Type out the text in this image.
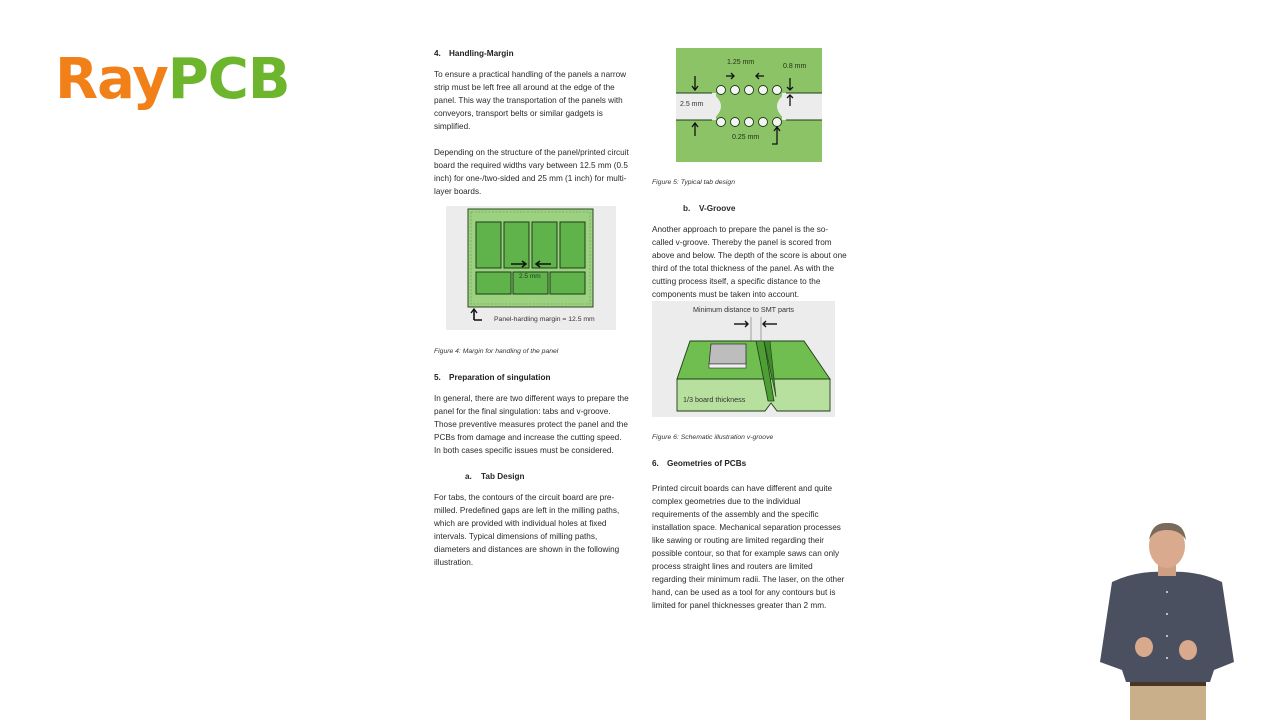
RayPCB	4. Handling-Margin

To ensure a practical handling of the panels a narrow strip must be left free all around at the edge of the panel. This way the transportation of the panels with conveyors, transport belts or similar gadgets is simplified.

Depending on the structure of the panel/printed circuit board the required widths vary between 12.5 mm (0.5 inch) for one-/two-sided and 25 mm (1 inch) for multi-layer boards.

2.5 mm
Panel-hardling margin = 12.5 mm

Figure 4: Margin for handling of the panel

5. Preparation of singulation

In general, there are two different ways to prepare the panel for the final singulation: tabs and v-groove. Those preventive measures protect the panel and the PCBs from damage and increase the cutting speed. In both cases specific issues must be considered.

a. Tab Design

For tabs, the contours of the circuit board are pre-milled. Predefined gaps are left in the milling paths, which are provided with individual holes at fixed intervals. Typical dimensions of milling paths, diameters and distances are shown in the following illustration.

1.25 mm
0.8 mm
2.5 mm
0.25 mm

Figure 5: Typical tab design

b. V-Groove

Another approach to prepare the panel is the so-called v-groove. Thereby the panel is scored from above and below. The depth of the score is about one third of the total thickness of the panel. As with the cutting process itself, a specific distance to the components must be taken into account.

Minimum distance to SMT parts
1/3 board thickness

Figure 6: Schematic illustration v-groove

6. Geometries of PCBs

Printed circuit boards can have different and quite complex geometries due to the individual requirements of the assembly and the specific installation space. Mechanical separation processes like sawing or routing are limited regarding their possible contour, so that for example saws can only process straight lines and routers are limited regarding their minimum radii. The laser, on the other hand, can be used as a tool for any contours but is limited for panel thicknesses greater than 2 mm.
